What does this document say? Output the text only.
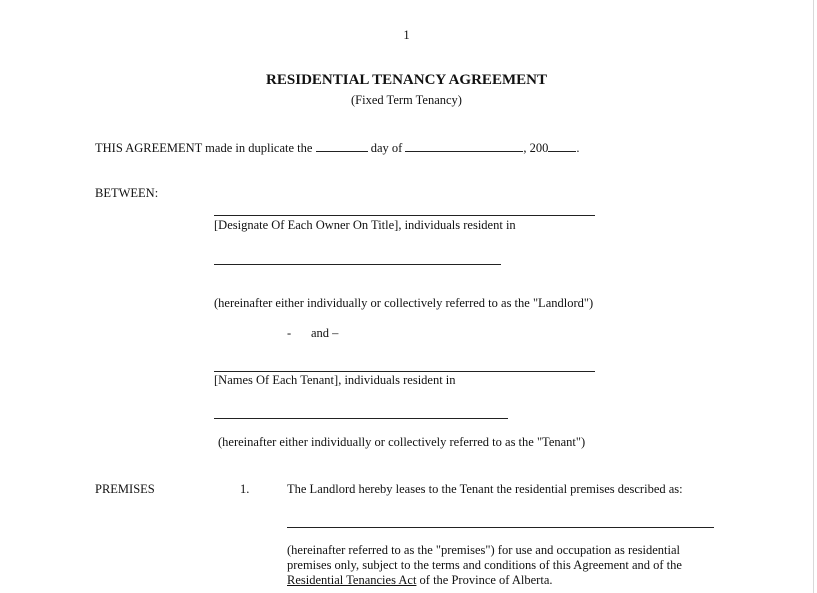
1
RESIDENTIAL TENANCY AGREEMENT
(Fixed Term Tenancy)
THIS AGREEMENT made in duplicate the	day of	, 200 .
BETWEEN:
[Designate Of Each Owner On Title], individuals resident in
(hereinafter either individually or collectively referred to as the "Landlord")
- and –
[Names Of Each Tenant], individuals resident in
(hereinafter either individually or collectively referred to as the "Tenant")
PREMISES	1.	The Landlord hereby leases to the Tenant the residential premises described as:
(hereinafter referred to as the "premises") for use and occupation as residential
premises only, subject to the terms and conditions of this Agreement and of the
Residential Tenancies Act of the Province of Alberta.
